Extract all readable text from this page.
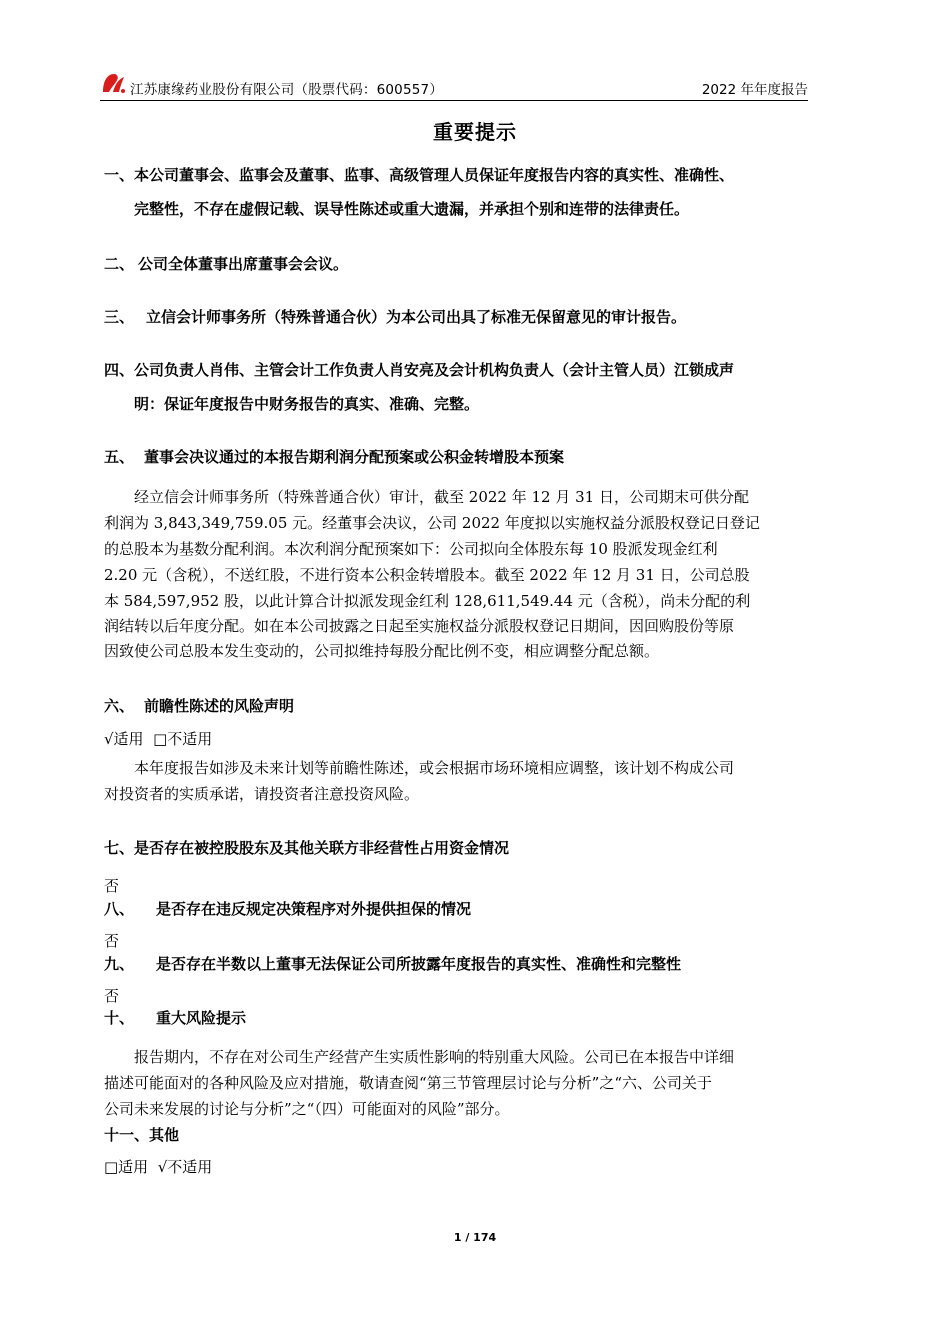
江苏康缘药业股份有限公司（股票代码：600557）	2022 年年度报告
重要提示
一、本公司董事会、监事会及董事、监事、高级管理人员保证年度报告内容的真实性、准确性、
完整性，不存在虚假记载、误导性陈述或重大遗漏，并承担个别和连带的法律责任。
二、 公司全体董事出席董事会会议。
三、 立信会计师事务所（特殊普通合伙）为本公司出具了标准无保留意见的审计报告。
四、公司负责人肖伟、主管会计工作负责人肖安亮及会计机构负责人（会计主管人员）江锁成声
明：保证年度报告中财务报告的真实、准确、完整。
五、 董事会决议通过的本报告期利润分配预案或公积金转增股本预案
经立信会计师事务所（特殊普通合伙）审计，截至 2022 年 12 月 31 日，公司期末可供分配
利润为 3,843,349,759.05 元。经董事会决议，公司 2022 年度拟以实施权益分派股权登记日登记
的总股本为基数分配利润。本次利润分配预案如下：公司拟向全体股东每 10 股派发现金红利
2.20 元（含税），不送红股，不进行资本公积金转增股本。截至 2022 年 12 月 31 日，公司总股
本 584,597,952 股，以此计算合计拟派发现金红利 128,611,549.44 元（含税），尚未分配的利
润结转以后年度分配。如在本公司披露之日起至实施权益分派股权登记日期间，因回购股份等原
因致使公司总股本发生变动的，公司拟维持每股分配比例不变，相应调整分配总额。
六、 前瞻性陈述的风险声明
√适用  □不适用
本年度报告如涉及未来计划等前瞻性陈述，或会根据市场环境相应调整，该计划不构成公司
对投资者的实质承诺，请投资者注意投资风险。
七、是否存在被控股股东及其他关联方非经营性占用资金情况
否
八、 是否存在违反规定决策程序对外提供担保的情况
否
九、 是否存在半数以上董事无法保证公司所披露年度报告的真实性、准确性和完整性
否
十、 重大风险提示
报告期内，不存在对公司生产经营产生实质性影响的特别重大风险。公司已在本报告中详细
描述可能面对的各种风险及应对措施，敬请查阅“第三节管理层讨论与分析”之“六、公司关于
公司未来发展的讨论与分析”之“（四）可能面对的风险”部分。
十一、其他
□适用  √不适用
1 / 174
